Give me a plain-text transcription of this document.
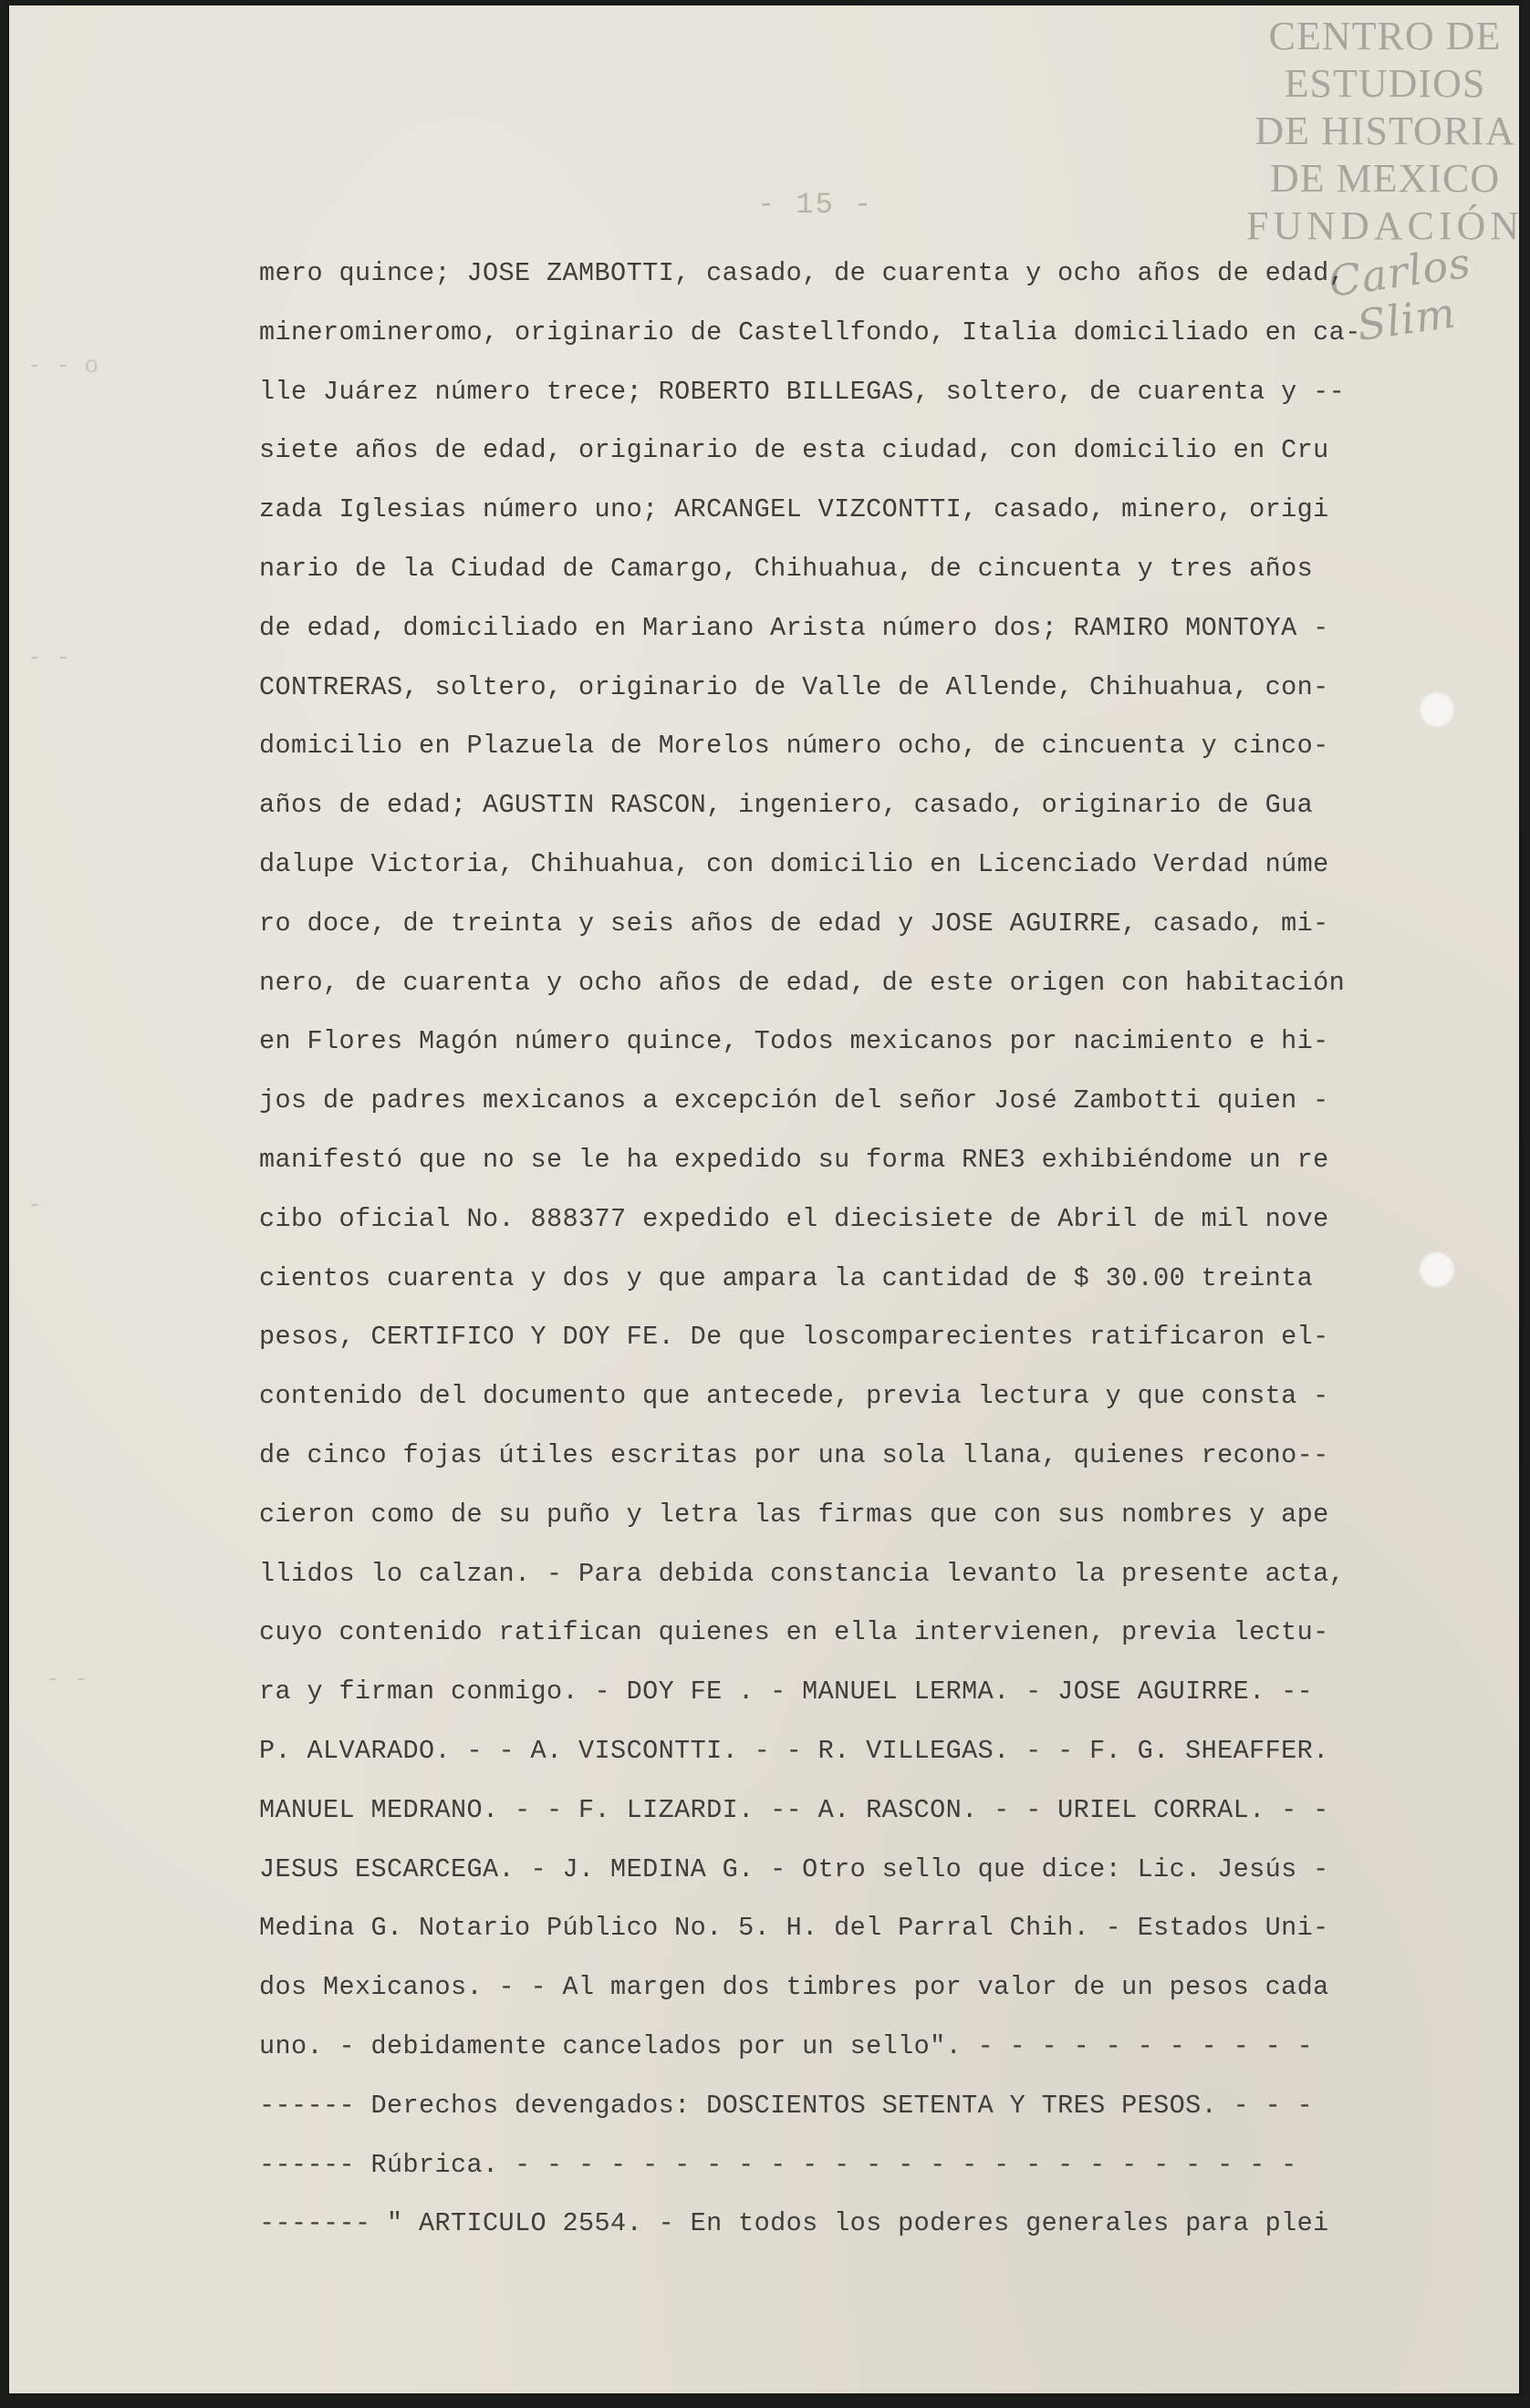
CENTRO DE
ESTUDIOS
DE HISTORIA
DE MEXICO
FUNDACIÓN
Carlos Slim
- 15 -
- - o
- -
-
- -
mero quince; JOSE ZAMBOTTI, casado, de cuarenta y ocho años de edad,
mineromineromo, originario de Castellfondo, Italia domiciliado en ca-
lle Juárez número trece; ROBERTO BILLEGAS, soltero, de cuarenta y --
siete años de edad, originario de esta ciudad, con domicilio en Cru
zada Iglesias número uno; ARCANGEL VIZCONTTI, casado, minero, origi
nario de la Ciudad de Camargo, Chihuahua, de cincuenta y tres años
de edad, domiciliado en Mariano Arista número dos; RAMIRO MONTOYA -
CONTRERAS, soltero, originario de Valle de Allende, Chihuahua, con-
domicilio en Plazuela de Morelos número ocho, de cincuenta y cinco-
años de edad; AGUSTIN RASCON, ingeniero, casado, originario de Gua
dalupe Victoria, Chihuahua, con domicilio en Licenciado Verdad núme
ro doce, de treinta y seis años de edad y JOSE AGUIRRE, casado, mi-
nero, de cuarenta y ocho años de edad, de este origen con habitación
en Flores Magón número quince, Todos mexicanos por nacimiento e hi-
jos de padres mexicanos a excepción del señor José Zambotti quien -
manifestó que no se le ha expedido su forma RNE3 exhibiéndome un re
cibo oficial No. 888377 expedido el diecisiete de Abril de mil nove
cientos cuarenta y dos y que ampara la cantidad de $ 30.00 treinta
pesos, CERTIFICO Y DOY FE. De que loscomparecientes ratificaron el-
contenido del documento que antecede, previa lectura y que consta -
de cinco fojas útiles escritas por una sola llana, quienes recono--
cieron como de su puño y letra las firmas que con sus nombres y ape
llidos lo calzan. - Para debida constancia levanto la presente acta,
cuyo contenido ratifican quienes en ella intervienen, previa lectu-
ra y firman conmigo. - DOY FE . - MANUEL LERMA. - JOSE AGUIRRE. --
P. ALVARADO. - - A. VISCONTTI. - - R. VILLEGAS. - - F. G. SHEAFFER.
MANUEL MEDRANO. - - F. LIZARDI. -- A. RASCON. - - URIEL CORRAL. - -
JESUS ESCARCEGA. - J. MEDINA G. - Otro sello que dice: Lic. Jesús -
Medina G. Notario Público No. 5. H. del Parral Chih. - Estados Uni-
dos Mexicanos. - - Al margen dos timbres por valor de un pesos cada
uno. - debidamente cancelados por un sello". - - - - - - - - - - -
------ Derechos devengados: DOSCIENTOS SETENTA Y TRES PESOS. - - -
------ Rúbrica. - - - - - - - - - - - - - - - - - - - - - - - - -
------- " ARTICULO 2554. - En todos los poderes generales para plei
